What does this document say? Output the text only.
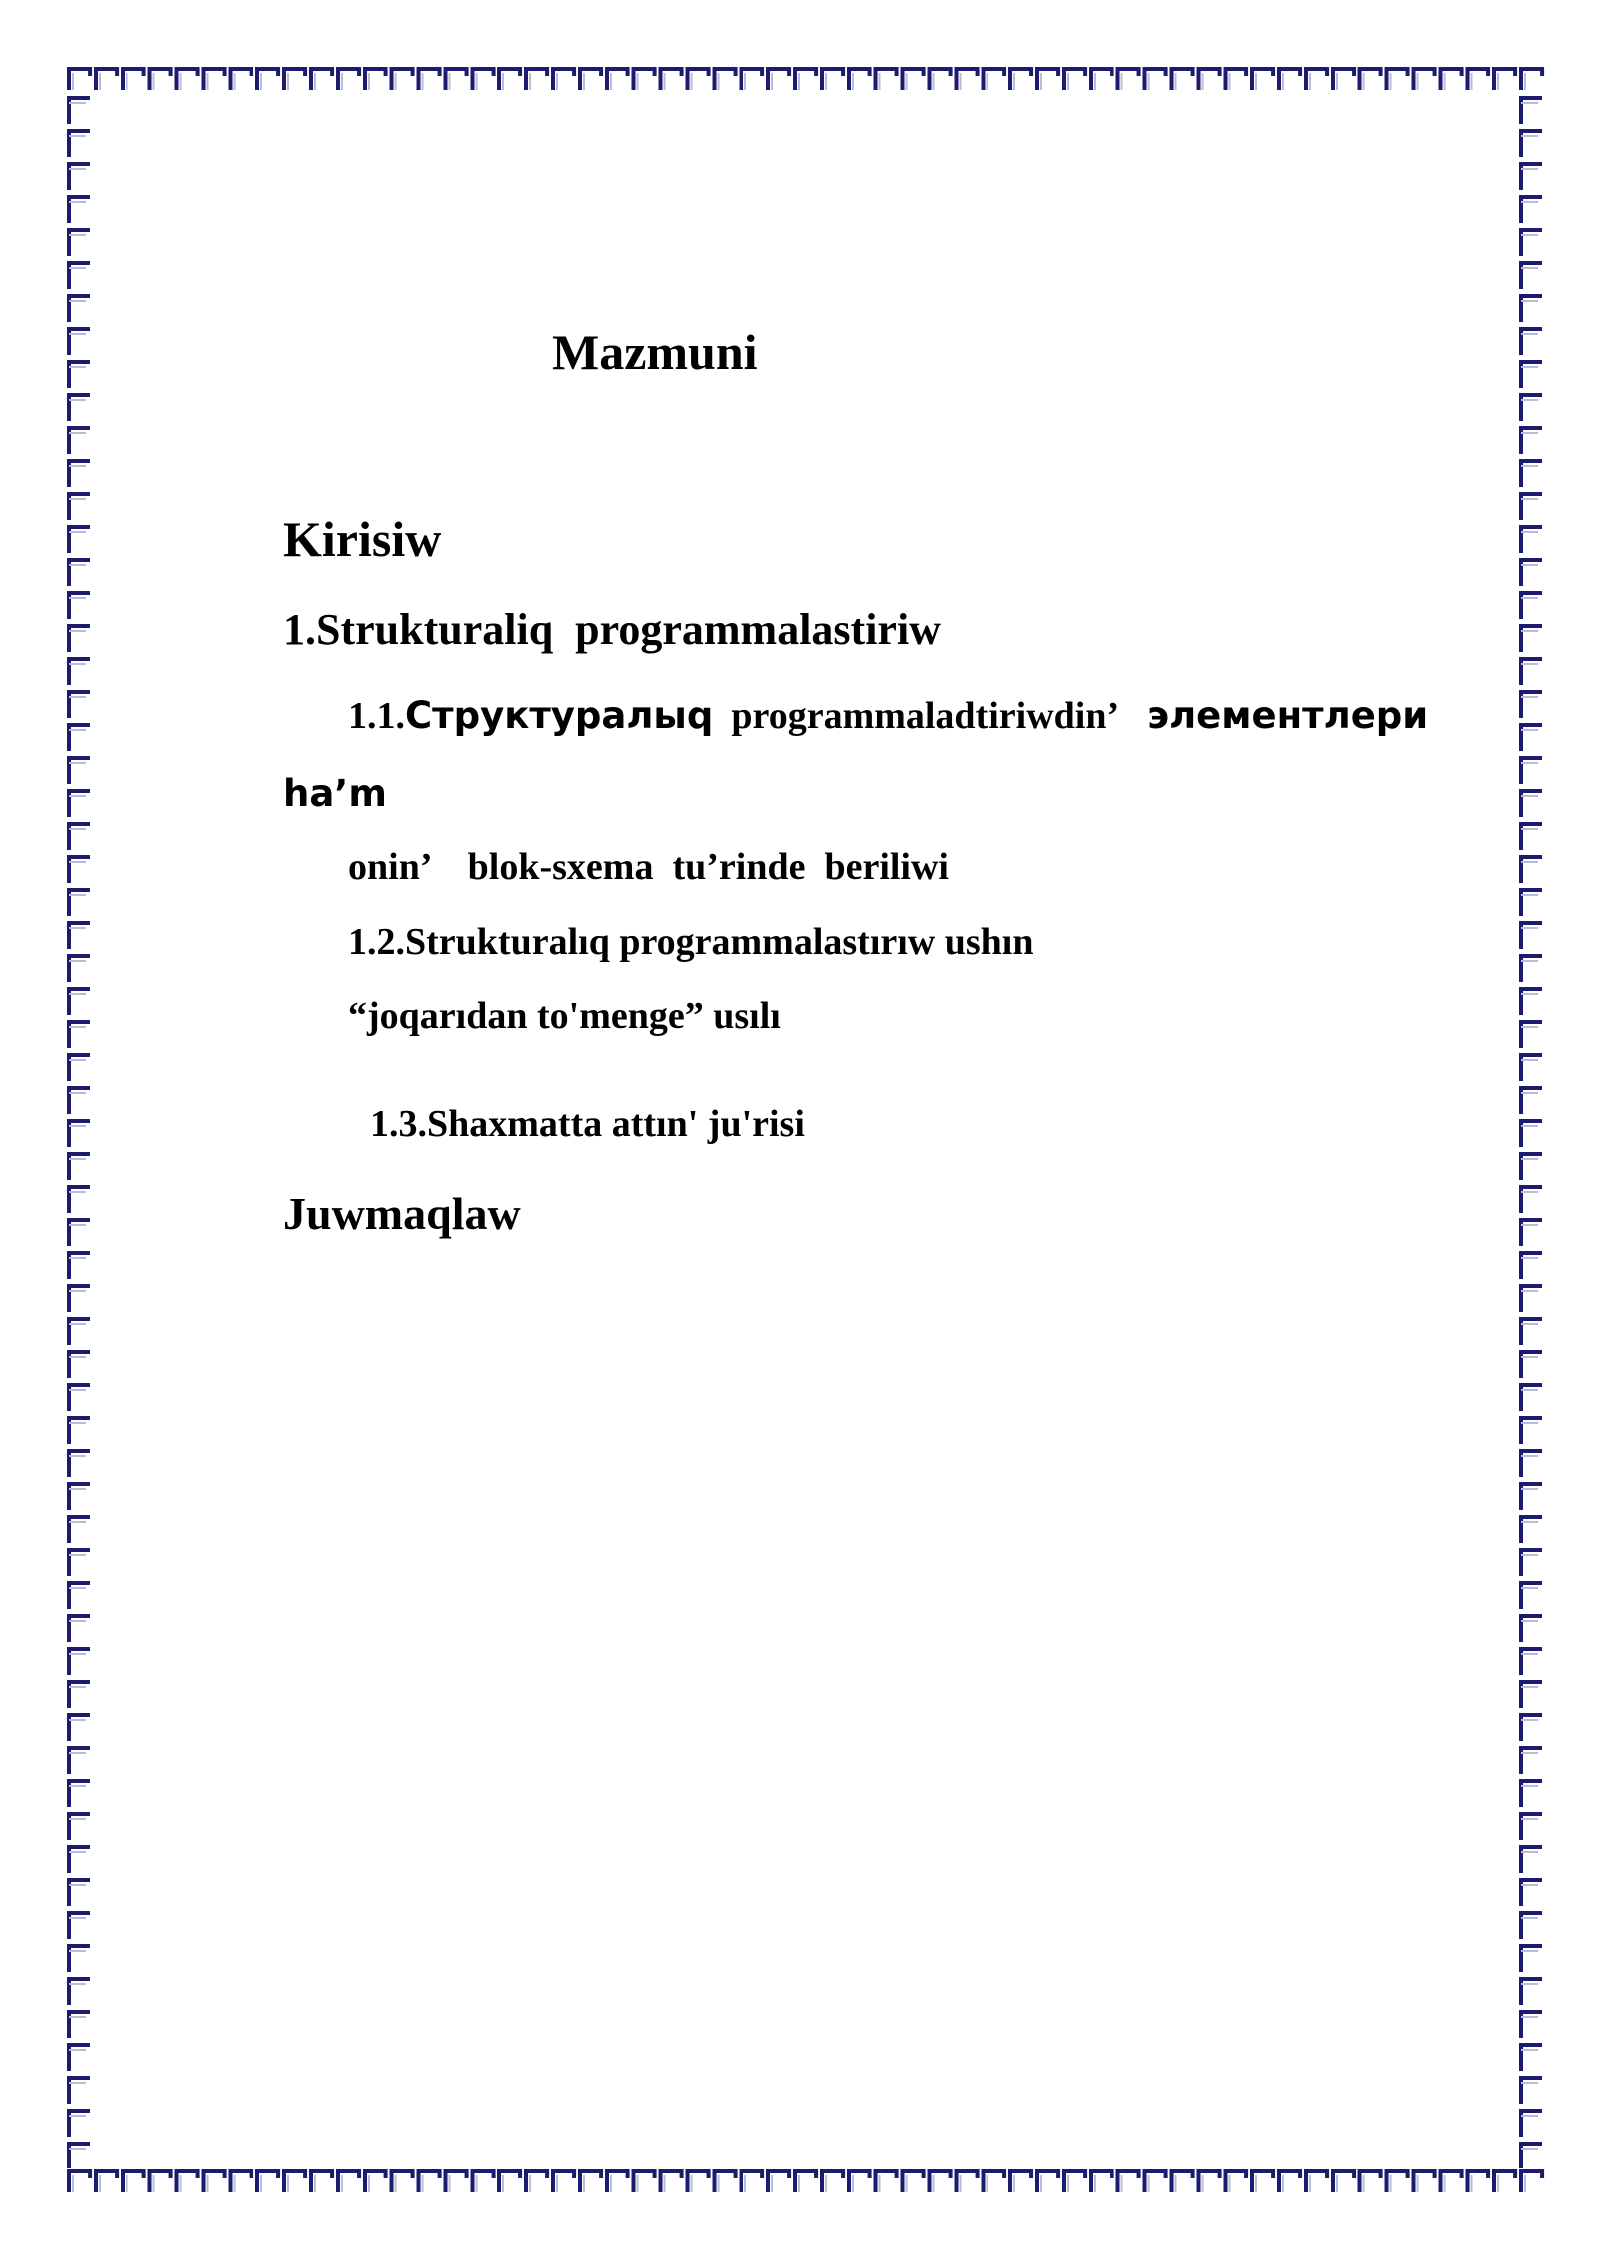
Mazmuni
Kirisiw
1.Strukturaliq  programmalastiriw
1.1.Структуралыq programmaladtiriwdin’ элементлери
ha’m
onin’    blok-sxema  tu’rinde  beriliwi
1.2.Strukturalıq programmalastırıw ushın
“joqarıdan to'menge” usılı
1.3.Shaxmatta attın' ju'risi
Juwmaqlaw
